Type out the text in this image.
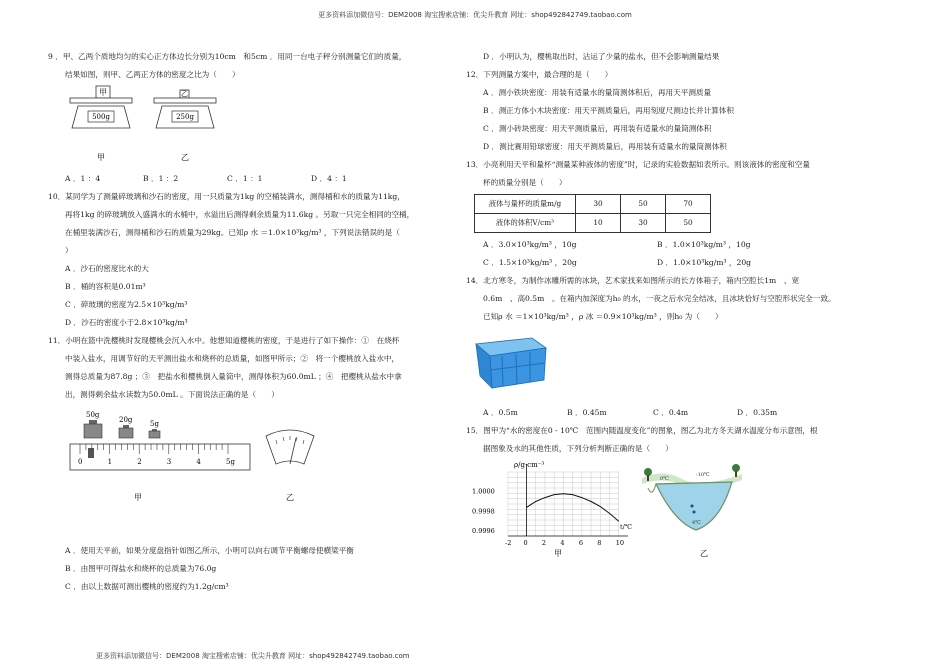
更多资料添加微信号：DEM2008 淘宝搜索店铺：优尖升教育 网址：shop492842749.taobao.com
9 ．甲、乙两个质地均匀的实心正方体边长分别为10cm　和5cm ．用同一台电子秤分别测量它们的质量，
结果如图，则甲、乙两正方体的密度之比为（　　）
甲
500g
甲
乙
250g
乙
A ．1 ：4	B ．1 ：2	C ．1 ：1	D ．4 ：1
10．某同学为了测量碎玻璃和沙石的密度，用一只质量为1kg 的空桶装满水，测得桶和水的质量为11kg，
再将1kg 的碎玻璃放入盛满水的水桶中，水溢出后测得剩余质量为11.6kg 。另取一只完全相同的空桶，
在桶里装满沙石，测得桶和沙石的质量为29kg。已知ρ 水 ＝1.0×10³kg/m³ ，下列说法错误的是（
）
A ．沙石的密度比水的大
B ．桶的容积是0.01m³
C ．碎玻璃的密度为2.5×10³kg/m³
D ．沙石的密度小于2.8×10³kg/m³
11．小明在篮中洗樱桃时发现樱桃会沉入水中。他想知道樱桃的密度，于是进行了如下操作：①　在烧杯
中装入盐水，用调节好的天平测出盐水和烧杯的总质量，如图甲所示；②　将一个樱桃放入盐水中，
测得总质量为87.8g ；③　把盐水和樱桃倒入量筒中，测得体积为60.0mL ；④　把樱桃从盐水中拿
出，测得剩余盐水读数为50.0mL 。下面说法正确的是（　　）
50g
20g	5g
0	1	2	3	4	5g
甲	乙
A ．使用天平前，如果分度盘指针如图乙所示，小明可以向右调节平衡螺母使横梁平衡
B ．由图甲可得盐水和烧杯的总质量为76.0g
C ．由以上数据可测出樱桃的密度约为1.2g/cm³
D ．小明认为，樱桃取出时，沾运了少量的盐水，但不会影响测量结果
12．下列测量方案中，最合理的是（　　）
A ．测小铁块密度：用装有适量水的量筒测体积后，再用天平测质量
B ．测正方体小木块密度：用天平测质量后，再用刻度尺测边长并计算体积
C ．测小砖块密度：用天平测质量后，再用装有适量水的量筒测体积
D ．测比赛用铅球密度：用天平测质量后，再用装有适量水的量筒测体积
13．小亮利用天平和量杯“测量某种液体的密度”时，记录的实验数据如表所示。则该液体的密度和空量
杯的质量分别是（　　）
液体与量杯的质量m/g	30	50	70
液体的体积V/cm³	10	30	50
A ．3.0×10³kg/m³ ，10g	B ．1.0×10³kg/m³ ，10g
C ．1.5×10³kg/m³ ，20g	D ．1.0×10³kg/m³ ，20g
14．北方寒冬，为制作冰雕所需的冰块，艺术家找来如图所示的长方体箱子，箱内空腔长1m　、宽
0.6m　、高0.5m　。在箱内加深度为h₀ 的水，一夜之后水完全结冰，且冰块恰好与空腔形状完全一致。
已知ρ 水 ＝1×10³kg/m³ ，ρ 冰 ＝0.9×10³kg/m³ ，则h₀ 为（　　）
A ．0.5m	B ．0.45m	C ．0.4m	D ．0.35m
15．图甲为“水的密度在0 - 10℃　范围内随温度变化”的图象，图乙为北方冬天湖水温度分布示意图，根
据图象及水的其他性质，下列分析判断正确的是（　　）
-2 0 2 4 6 8 10
1.0000
0.9998
0.9996
ρ/g·cm⁻³
t/℃
甲
0℃
-10℃
4℃
乙
更多资料添加微信号：DEM2008 淘宝搜索店铺：优尖升教育 网址：shop492842749.taobao.com
